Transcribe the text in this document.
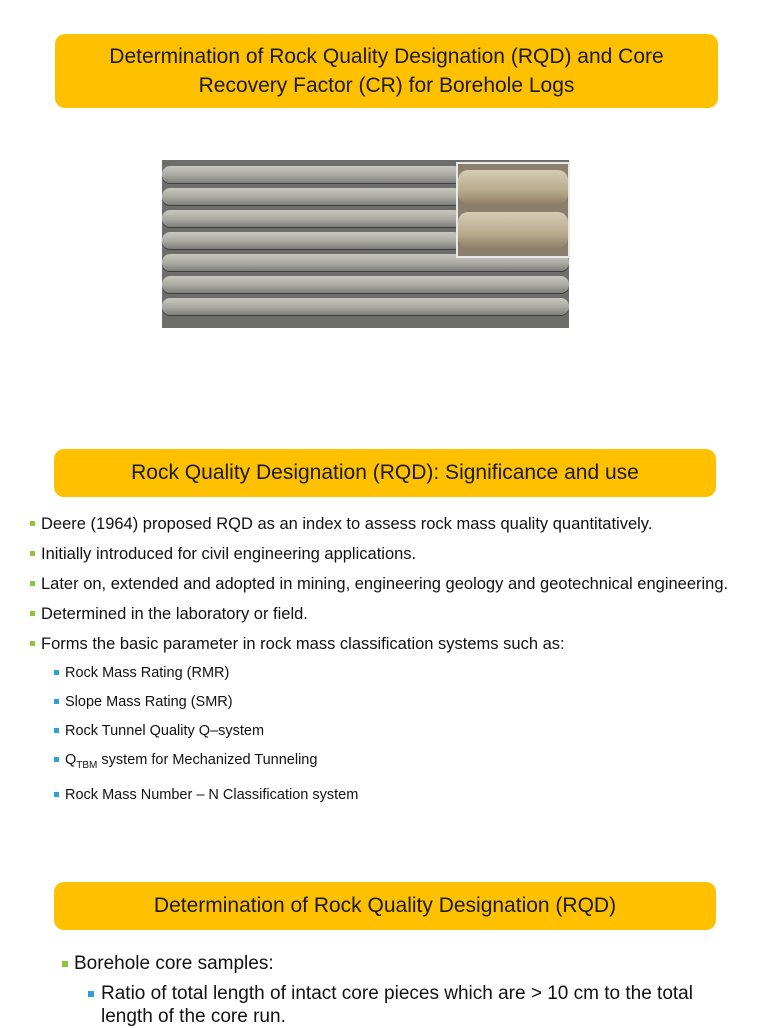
Determination of Rock Quality Designation (RQD) and Core Recovery Factor (CR) for Borehole Logs
Rock Quality Designation (RQD): Significance and use
Deere (1964) proposed RQD as an index to assess rock mass quality quantitatively.
Initially introduced for civil engineering applications.
Later on, extended and adopted in mining, engineering geology and geotechnical engineering.
Determined in the laboratory or field.
Forms the basic parameter in rock mass classification systems such as:
Rock Mass Rating (RMR)
Slope Mass Rating (SMR)
Rock Tunnel Quality Q–system
$Q_{TBM}$ system for Mechanized Tunneling
Rock Mass Number – N Classification system
Determination of Rock Quality Designation (RQD)
Borehole core samples:
Ratio of total length of intact core pieces which are > 10 cm to the total length of the core run.
